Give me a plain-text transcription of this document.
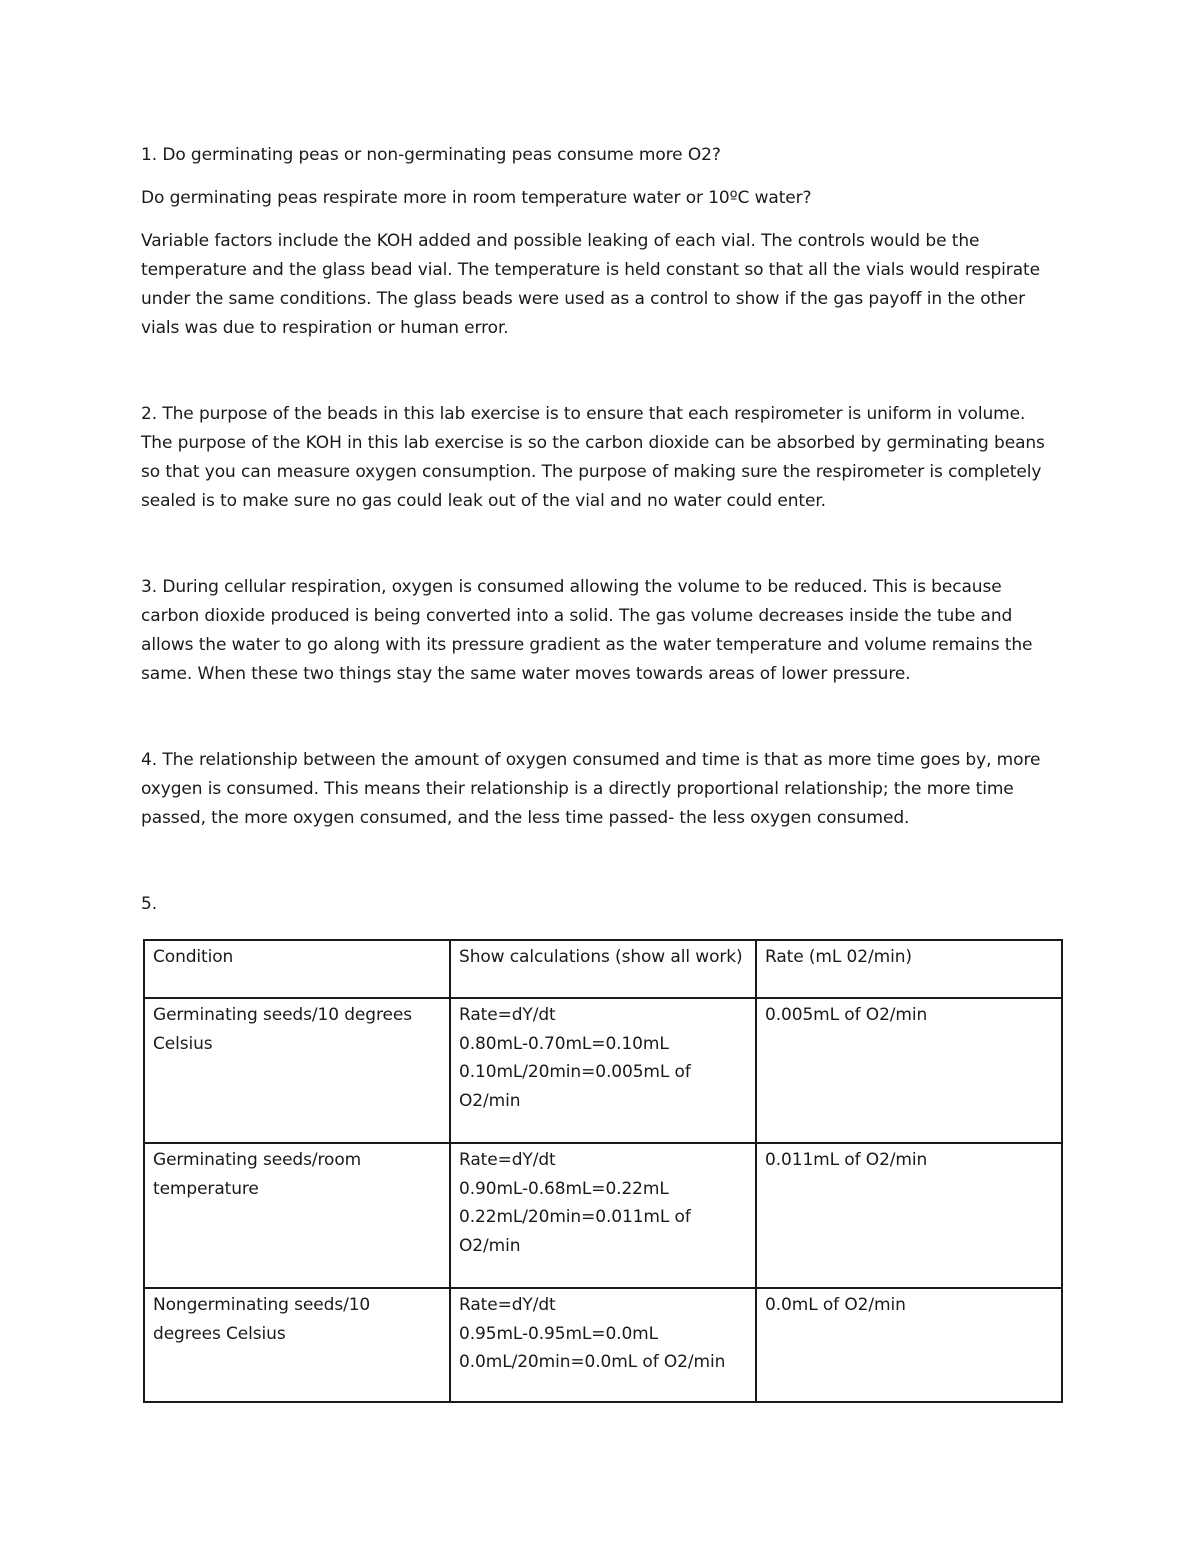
1. Do germinating peas or non-germinating peas consume more O2?

Do germinating peas respirate more in room temperature water or 10ºC water?

Variable factors include the KOH added and possible leaking of each vial. The controls would be the temperature and the glass bead vial. The temperature is held constant so that all the vials would respirate under the same conditions. The glass beads were used as a control to show if the gas payoff in the other vials was due to respiration or human error.

2. The purpose of the beads in this lab exercise is to ensure that each respirometer is uniform in volume. The purpose of the KOH in this lab exercise is so the carbon dioxide can be absorbed by germinating beans so that you can measure oxygen consumption. The purpose of making sure the respirometer is completely sealed is to make sure no gas could leak out of the vial and no water could enter.

3. During cellular respiration, oxygen is consumed allowing the volume to be reduced. This is because carbon dioxide produced is being converted into a solid. The gas volume decreases inside the tube and allows the water to go along with its pressure gradient as the water temperature and volume remains the same. When these two things stay the same water moves towards areas of lower pressure.

4. The relationship between the amount of oxygen consumed and time is that as more time goes by, more oxygen is consumed. This means their relationship is a directly proportional relationship; the more time passed, the more oxygen consumed, and the less time passed- the less oxygen consumed.

5.

Condition	Show calculations (show all work)	Rate (mL 02/min)
Germinating seeds/10 degrees Celsius	Rate=dY/dt
0.80mL-0.70mL=0.10mL
0.10mL/20min=0.005mL of O2/min	0.005mL of O2/min
Germinating seeds/room temperature	Rate=dY/dt
0.90mL-0.68mL=0.22mL
0.22mL/20min=0.011mL of O2/min	0.011mL of O2/min
Nongerminating seeds/10 degrees Celsius	Rate=dY/dt
0.95mL-0.95mL=0.0mL
0.0mL/20min=0.0mL of O2/min	0.0mL of O2/min
